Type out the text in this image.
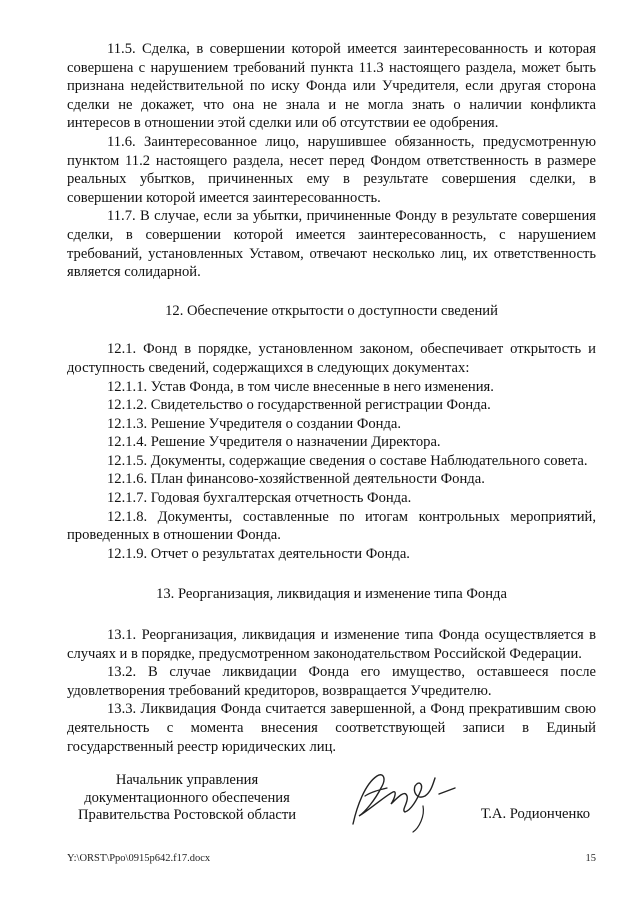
11.5. Сделка, в совершении которой имеется заинтересованность и которая совершена с нарушением требований пункта 11.3 настоящего раздела, может быть признана недействительной по иску Фонда или Учредителя, если другая сторона сделки не докажет, что она не знала и не могла знать о наличии конфликта интересов в отношении этой сделки или об отсутствии ее одобрения.

11.6. Заинтересованное лицо, нарушившее обязанность, предусмотренную пунктом 11.2 настоящего раздела, несет перед Фондом ответственность в размере реальных убытков, причиненных ему в результате совершения сделки, в совершении которой имеется заинтересованность.

11.7. В случае, если за убытки, причиненные Фонду в результате совершения сделки, в совершении которой имеется заинтересованность, с нарушением требований, установленных Уставом, отвечают несколько лиц, их ответственность является солидарной.

12. Обеспечение открытости о доступности сведений

12.1. Фонд в порядке, установленном законом, обеспечивает открытость и доступность сведений, содержащихся в следующих документах:

12.1.1. Устав Фонда, в том числе внесенные в него изменения.

12.1.2. Свидетельство о государственной регистрации Фонда.

12.1.3. Решение Учредителя о создании Фонда.

12.1.4. Решение Учредителя о назначении Директора.

12.1.5. Документы, содержащие сведения о составе Наблюдательного совета.

12.1.6. План финансово-хозяйственной деятельности Фонда.

12.1.7. Годовая бухгалтерская отчетность Фонда.

12.1.8. Документы, составленные по итогам контрольных мероприятий, проведенных в отношении Фонда.

12.1.9. Отчет о результатах деятельности Фонда.

13. Реорганизация, ликвидация и изменение типа Фонда

13.1. Реорганизация, ликвидация и изменение типа Фонда осуществляется в случаях и в порядке, предусмотренном законодательством Российской Федерации.

13.2. В случае ликвидации Фонда его имущество, оставшееся после удовлетворения требований кредиторов, возвращается Учредителю.

13.3. Ликвидация Фонда считается завершенной, а Фонд прекратившим свою деятельность с момента внесения соответствующей записи в Единый государственный реестр юридических лиц.

Начальник управления
документационного обеспечения
Правительства Ростовской области	Т.А. Родионченко
Y:\ORST\Ppo\0915p642.f17.docx	15
